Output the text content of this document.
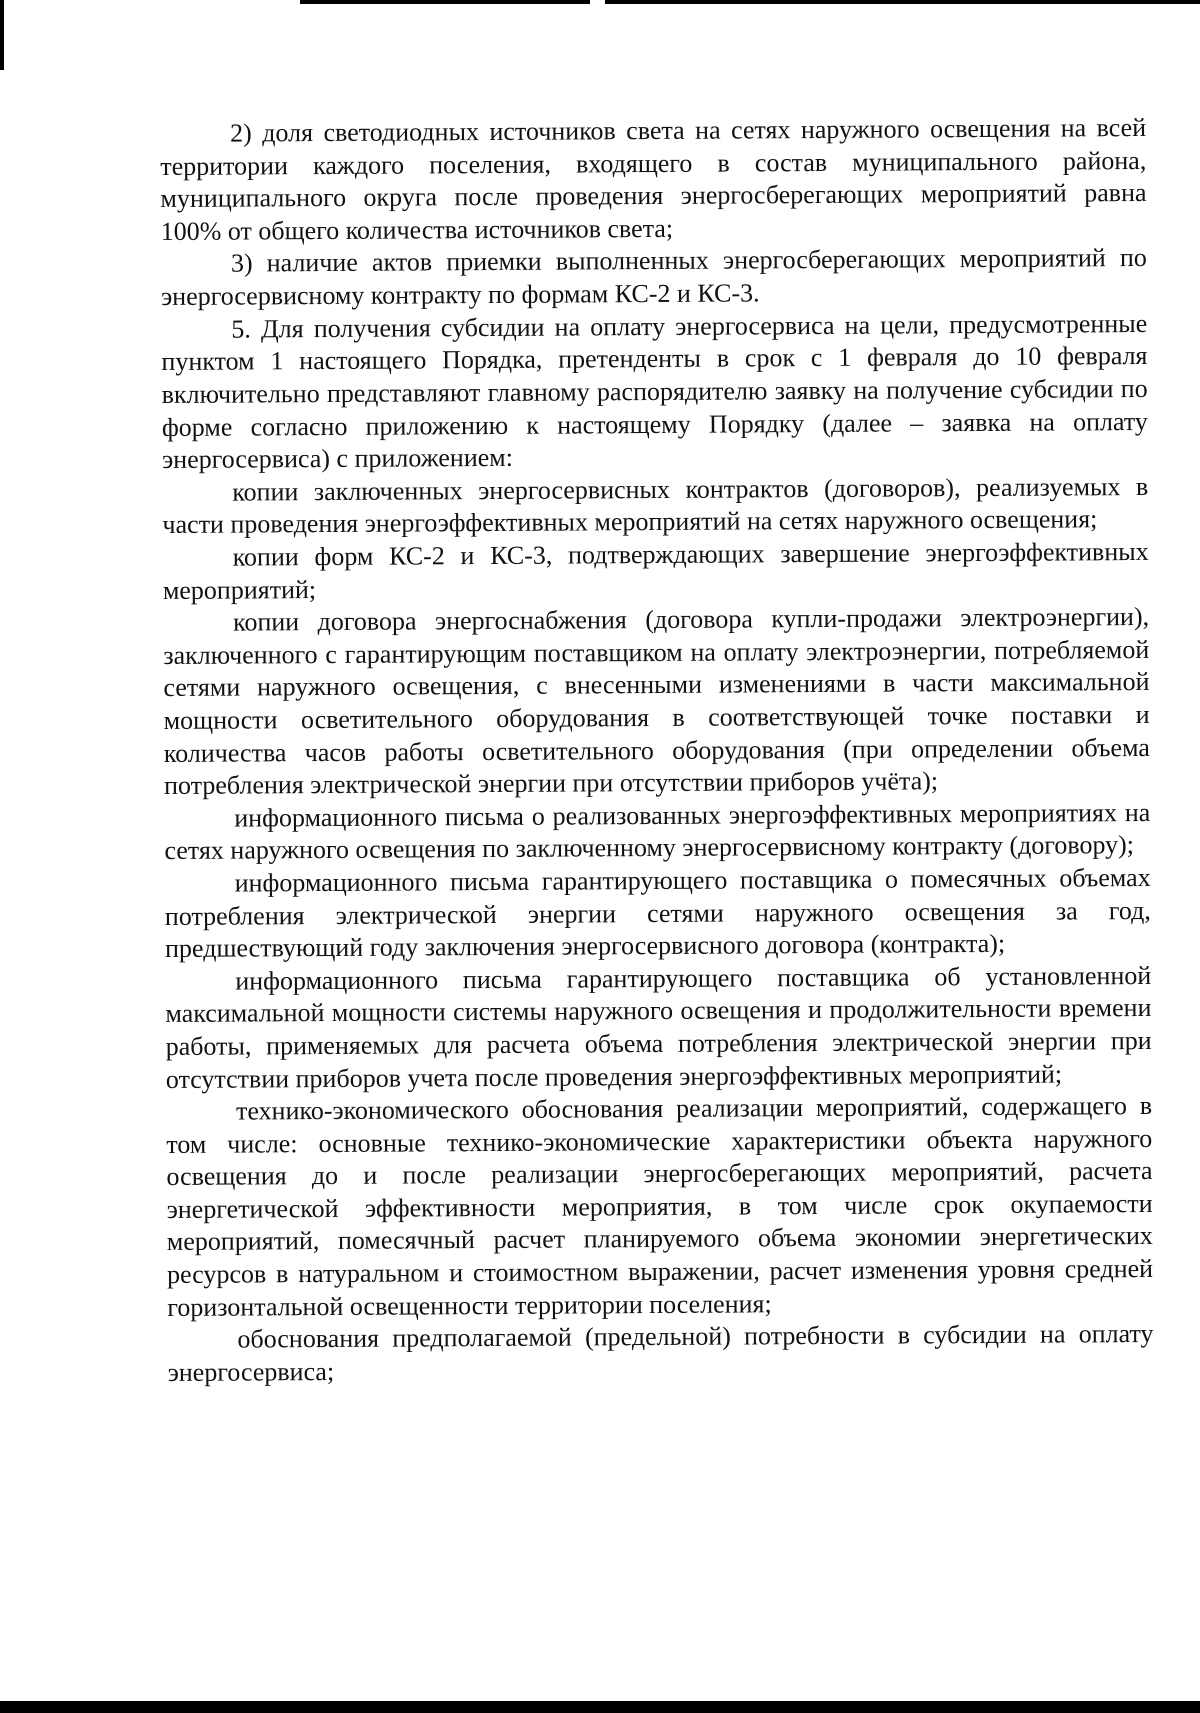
2) доля светодиодных источников света на сетях наружного освещения на всей территории каждого поселения, входящего в состав муниципального района, муниципального округа после проведения энергосберегающих мероприятий равна 100% от общего количества источников света;

3) наличие актов приемки выполненных энергосберегающих мероприятий по энергосервисному контракту по формам КС-2 и КС-3.

5. Для получения субсидии на оплату энергосервиса на цели, предусмотренные пунктом 1 настоящего Порядка, претенденты в срок с 1 февраля до 10 февраля включительно представляют главному распорядителю заявку на получение субсидии по форме согласно приложению к настоящему Порядку (далее – заявка на оплату энергосервиса) с приложением:

копии заключенных энергосервисных контрактов (договоров), реализуемых в части проведения энергоэффективных мероприятий на сетях наружного освещения;

копии форм КС-2 и КС-3, подтверждающих завершение энергоэффективных мероприятий;

копии договора энергоснабжения (договора купли-продажи электроэнергии), заключенного с гарантирующим поставщиком на оплату электроэнергии, потребляемой сетями наружного освещения, с внесенными изменениями в части максимальной мощности осветительного оборудования в соответствующей точке поставки и количества часов работы осветительного оборудования (при определении объема потребления электрической энергии при отсутствии приборов учёта);

информационного письма о реализованных энергоэффективных мероприятиях на сетях наружного освещения по заключенному энергосервисному контракту (договору);

информационного письма гарантирующего поставщика о помесячных объемах потребления электрической энергии сетями наружного освещения за год, предшествующий году заключения энергосервисного договора (контракта);

информационного письма гарантирующего поставщика об установленной максимальной мощности системы наружного освещения и продолжительности времени работы, применяемых для расчета объема потребления электрической энергии при отсутствии приборов учета после проведения энергоэффективных мероприятий;

технико-экономического обоснования реализации мероприятий, содержащего в том числе: основные технико-экономические характеристики объекта наружного освещения до и после реализации энергосберегающих мероприятий, расчета энергетической эффективности мероприятия, в том числе срок окупаемости мероприятий, помесячный расчет планируемого объема экономии энергетических ресурсов в натуральном и стоимостном выражении, расчет изменения уровня средней горизонтальной освещенности территории поселения;

обоснования предполагаемой (предельной) потребности в субсидии на оплату энергосервиса;
